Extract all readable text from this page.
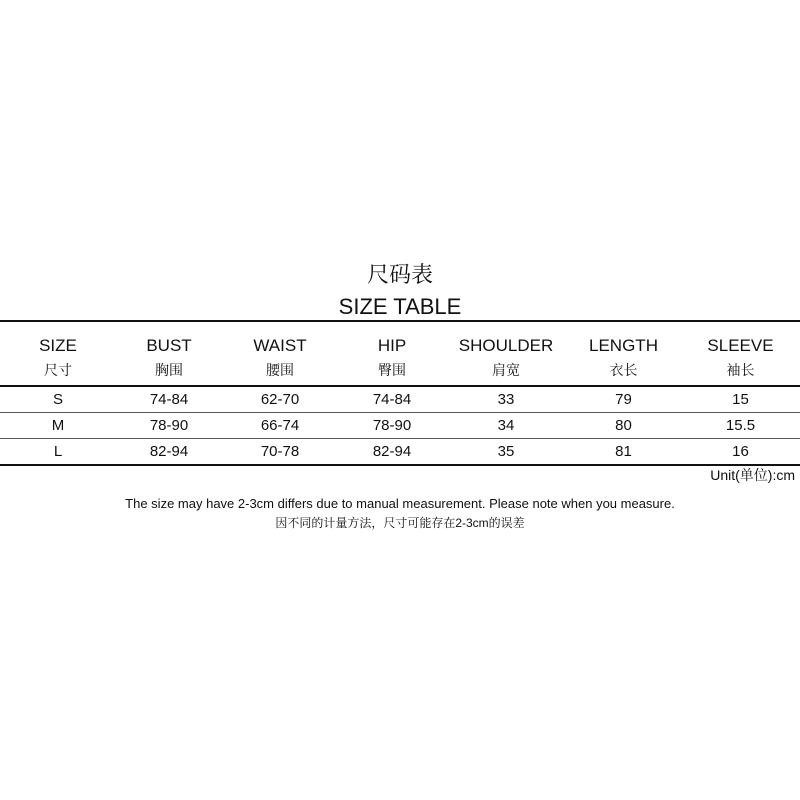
尺码表
SIZE TABLE
SIZE	BUST	WAIST	HIP	SHOULDER	LENGTH	SLEEVE
尺寸	胸围	腰围	臀围	肩宽	衣长	袖长
S	74-84	62-70	74-84	33	79	15
M	78-90	66-74	78-90	34	80	15.5
L	82-94	70-78	82-94	35	81	16
Unit(单位):cm
The size may have 2-3cm differs due to manual measurement. Please note when you measure.
因不同的计量方法，尺寸可能存在2-3cm的误差
